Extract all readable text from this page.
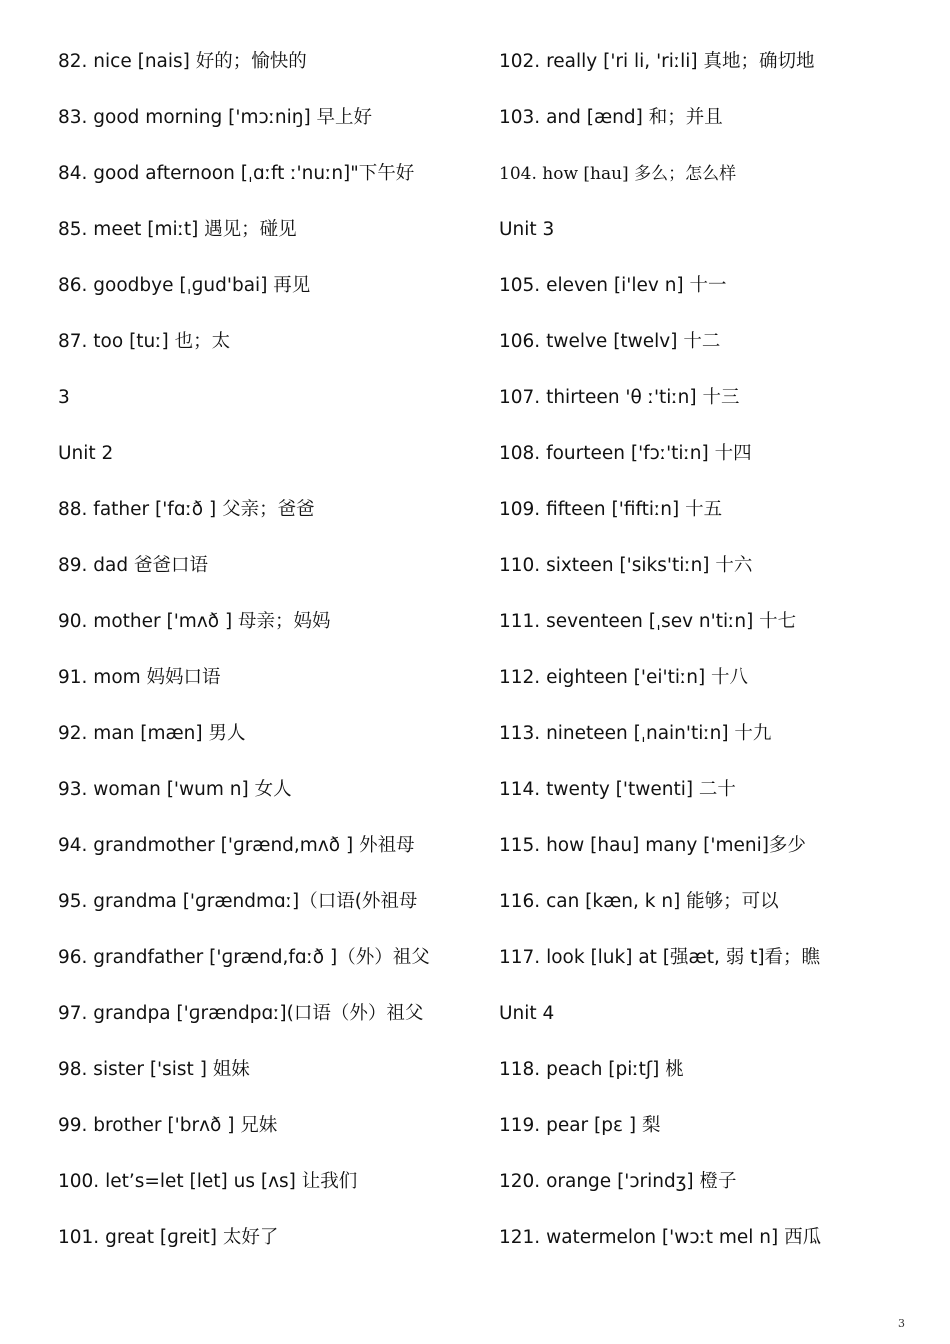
82. nice [nais] 好的；愉快的
83. good morning ['mɔːniŋ] 早上好
84. good afternoon [ˌɑːft ː'nuːn]"下午好
85. meet [miːt] 遇见；碰见
86. goodbye [ˌɡud'bai] 再见
87. too [tuː] 也；太
3
Unit 2
88. father ['fɑːð ] 父亲；爸爸
89. dad 爸爸口语
90. mother ['mʌð ] 母亲；妈妈
91. mom 妈妈口语
92. man [mæn] 男人
93. woman ['wum n] 女人
94. grandmother ['ɡrænd,mʌð ] 外祖母
95. grandma ['ɡrændmɑː]（口语(外祖母
96. grandfather ['ɡrænd,fɑːð ]（外）祖父
97. grandpa ['ɡrændpɑː](口语（外）祖父
98. sister ['sist ] 姐妹
99. brother ['brʌð ] 兄妹
100. let’s=let [let] us [ʌs] 让我们
101. great [ɡreit] 太好了
102. really ['ri li, 'riːli] 真地；确切地
103. and [ænd] 和；并且
104. how [hau] 多么；怎么样
Unit 3
105. eleven [i'lev n] 十一
106. twelve [twelv] 十二
107. thirteen 'θ ː'tiːn] 十三
108. fourteen ['fɔː'tiːn] 十四
109. fifteen ['fiftiːn] 十五
110. sixteen ['siks'tiːn] 十六
111. seventeen [ˌsev n'tiːn] 十七
112. eighteen ['ei'tiːn] 十八
113. nineteen [ˌnain'tiːn] 十九
114. twenty ['twenti] 二十
115. how [hau] many ['meni]多少
116. can [kæn, k n] 能够；可以
117. look [luk] at [强æt, 弱 t]看；瞧
Unit 4
118. peach [piːtʃ] 桃
119. pear [pɛ ] 梨
120. orange ['ɔrindʒ] 橙子
121. watermelon ['wɔːt mel n] 西瓜
3
